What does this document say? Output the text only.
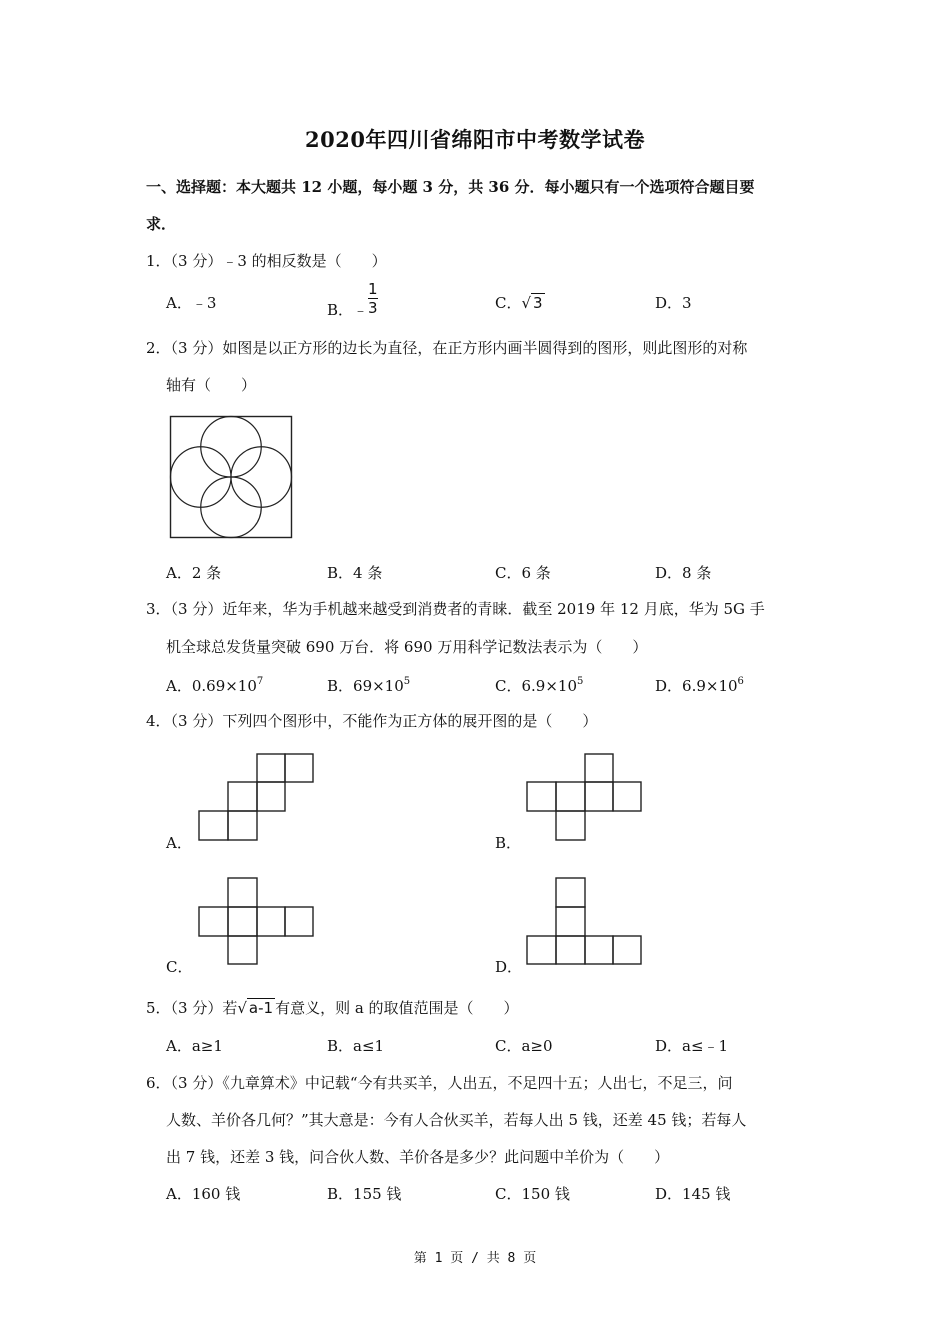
2020年四川省绵阳市中考数学试卷
一、选择题：本大题共 12 小题，每小题 3 分，共 36 分．每小题只有一个选项符合题目要
求．
1．（3 分）﹣3 的相反数是（　　）
A．﹣3	B．﹣ $\frac{1}{3}$	C．√ 3	D．3
2．（3 分）如图是以正方形的边长为直径，在正方形内画半圆得到的图形，则此图形的对称
轴有（　　）
A．2 条	B．4 条	C．6 条	D．8 条
3．（3 分）近年来，华为手机越来越受到消费者的青睐．截至 2019 年 12 月底，华为 5G 手
机全球总发货量突破 690 万台．将 690 万用科学记数法表示为（　　）
A．$0.69\times 10^7$	B．$69\times 10^5$	C．$6.9\times 10^5$	D．$6.9\times 10^6$
4．（3 分）下列四个图形中，不能作为正方体的展开图的是（　　）
A．	B．
C．	D．
5．（3 分）若√ a-1 有意义，则 a 的取值范围是（　　）
A．a≥1	B．a≤1	C．a≥0	D．a≤﹣1
6．（3 分）《九章算术》中记载“今有共买羊，人出五，不足四十五；人出七，不足三，问
人数、羊价各几何？”其大意是：今有人合伙买羊，若每人出 5 钱，还差 45 钱；若每人
出 7 钱，还差 3 钱，问合伙人数、羊价各是多少？此问题中羊价为（　　）
A．160 钱	B．155 钱	C．150 钱	D．145 钱
第 1 页 / 共 8 页
